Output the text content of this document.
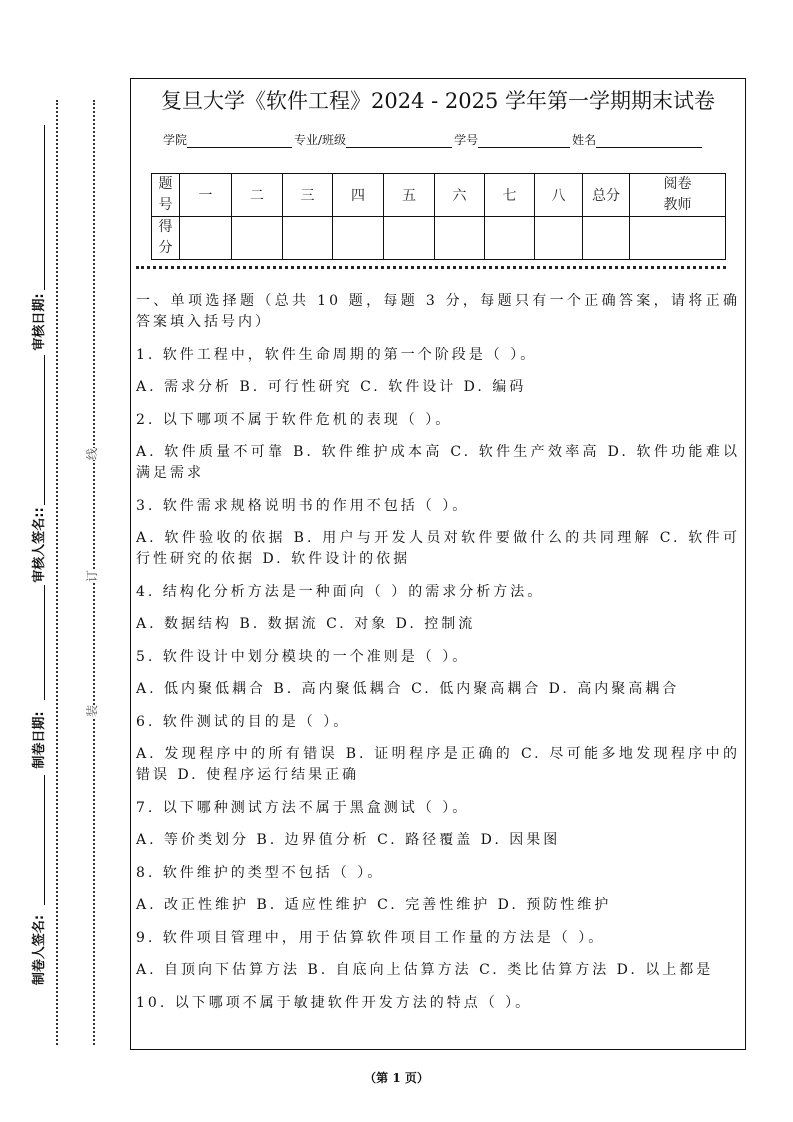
审核日期:
审核人签名::
制卷日期:
制卷人签名:
线
订
装
复旦大学《软件工程》2024 - 2025 学年第一学期期末试卷
学院	专业/班级	学号	姓名
题号	一	二	三	四	五	六	七	八	总分	阅卷教师
得分										

一、单项选择题（总共 10 题，每题 3 分，每题只有一个正确答案，请将正确答案填入括号内）

1. 软件工程中，软件生命周期的第一个阶段是（ ）。

A. 需求分析 B. 可行性研究 C. 软件设计 D. 编码

2. 以下哪项不属于软件危机的表现（ ）。

A. 软件质量不可靠 B. 软件维护成本高 C. 软件生产效率高 D. 软件功能难以满足需求

3. 软件需求规格说明书的作用不包括（ ）。

A. 软件验收的依据 B. 用户与开发人员对软件要做什么的共同理解 C. 软件可行性研究的依据 D. 软件设计的依据

4. 结构化分析方法是一种面向（ ）的需求分析方法。

A. 数据结构 B. 数据流 C. 对象 D. 控制流

5. 软件设计中划分模块的一个准则是（ ）。

A. 低内聚低耦合 B. 高内聚低耦合 C. 低内聚高耦合 D. 高内聚高耦合

6. 软件测试的目的是（ ）。

A. 发现程序中的所有错误 B. 证明程序是正确的 C. 尽可能多地发现程序中的错误 D. 使程序运行结果正确

7. 以下哪种测试方法不属于黑盒测试（ ）。

A. 等价类划分 B. 边界值分析 C. 路径覆盖 D. 因果图

8. 软件维护的类型不包括（ ）。

A. 改正性维护 B. 适应性维护 C. 完善性维护 D. 预防性维护

9. 软件项目管理中，用于估算软件项目工作量的方法是（ ）。

A. 自顶向下估算方法 B. 自底向上估算方法 C. 类比估算方法 D. 以上都是

10. 以下哪项不属于敏捷软件开发方法的特点（ ）。

（第 1 页）
